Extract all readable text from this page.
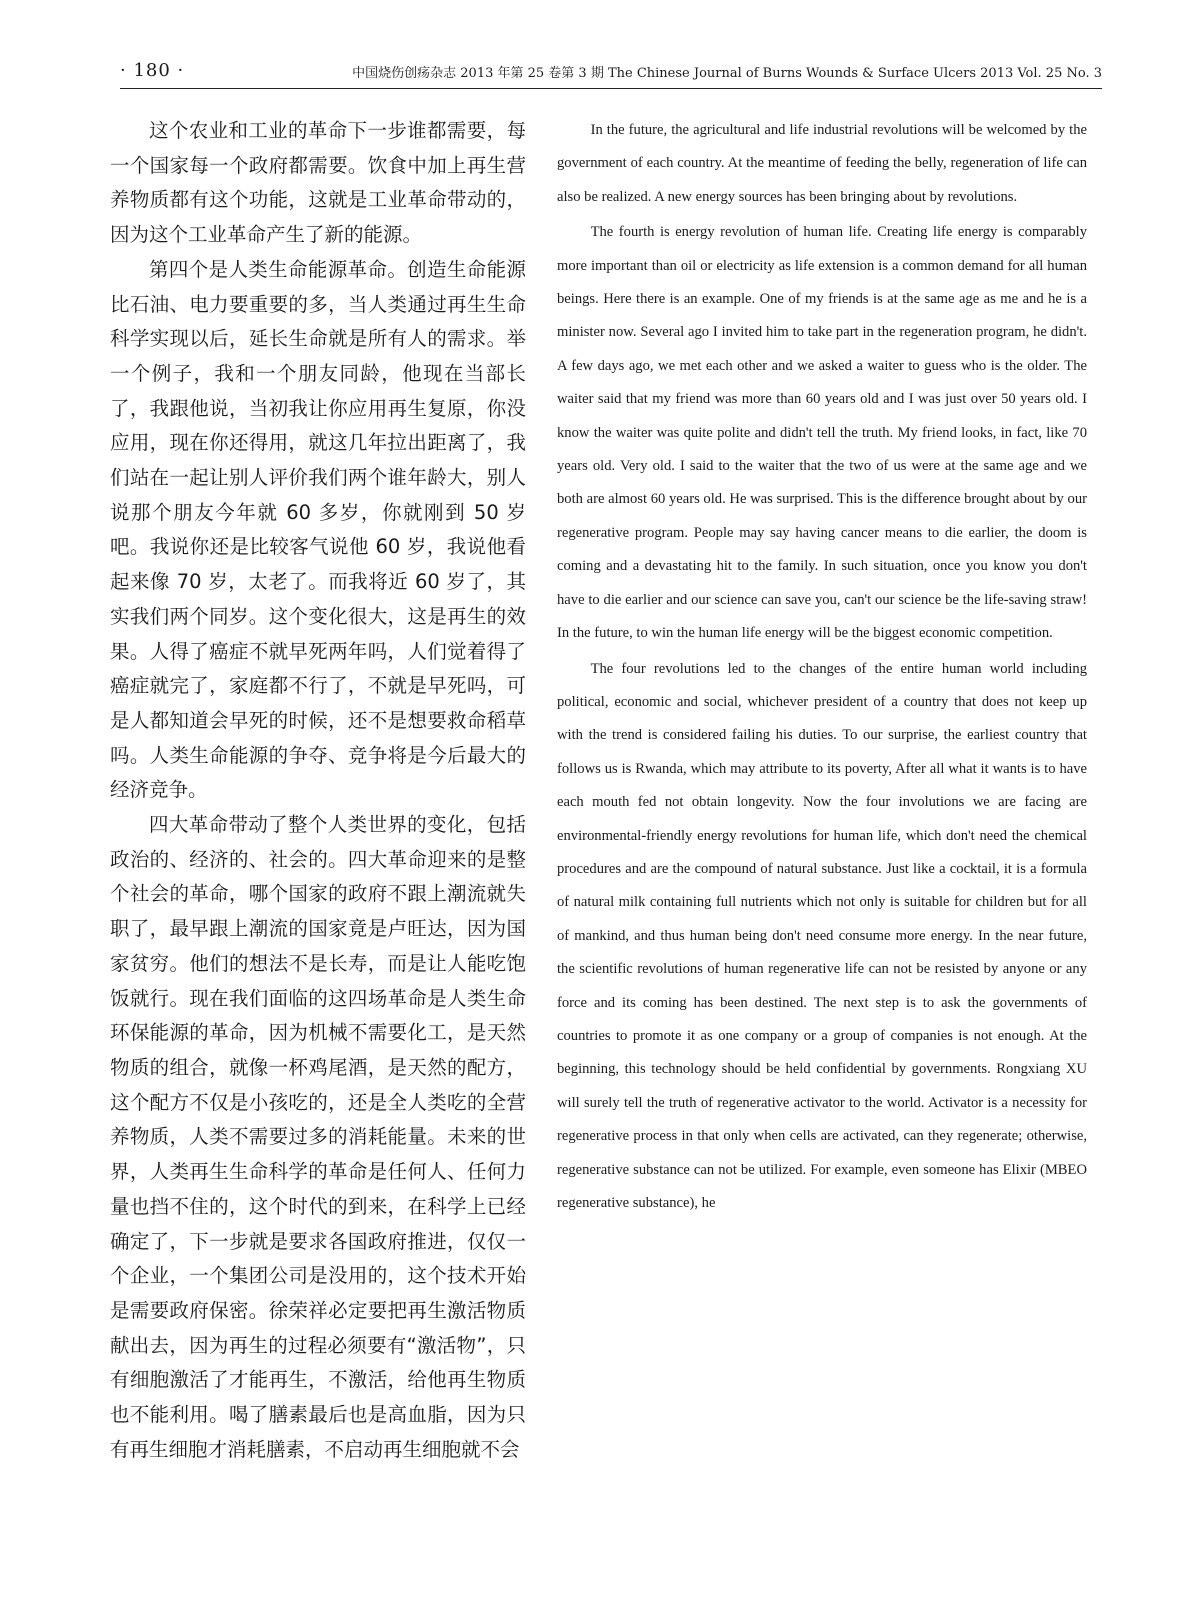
· 180 ·	中国烧伤创疡杂志 2013 年第 25 卷第 3 期 The Chinese Journal of Burns Wounds & Surface Ulcers 2013 Vol. 25 No. 3

这个农业和工业的革命下一步谁都需要，每一个国家每一个政府都需要。饮食中加上再生营养物质都有这个功能，这就是工业革命带动的，因为这个工业革命产生了新的能源。

第四个是人类生命能源革命。创造生命能源比石油、电力要重要的多，当人类通过再生生命科学实现以后，延长生命就是所有人的需求。举一个例子，我和一个朋友同龄，他现在当部长了，我跟他说，当初我让你应用再生复原，你没应用，现在你还得用，就这几年拉出距离了，我们站在一起让别人评价我们两个谁年龄大，别人说那个朋友今年就 60 多岁，你就刚到 50 岁吧。我说你还是比较客气说他 60 岁，我说他看起来像 70 岁，太老了。而我将近 60 岁了，其实我们两个同岁。这个变化很大，这是再生的效果。人得了癌症不就早死两年吗，人们觉着得了癌症就完了，家庭都不行了，不就是早死吗，可是人都知道会早死的时候，还不是想要救命稻草吗。人类生命能源的争夺、竞争将是今后最大的经济竞争。

四大革命带动了整个人类世界的变化，包括政治的、经济的、社会的。四大革命迎来的是整个社会的革命，哪个国家的政府不跟上潮流就失职了，最早跟上潮流的国家竟是卢旺达，因为国家贫穷。他们的想法不是长寿，而是让人能吃饱饭就行。现在我们面临的这四场革命是人类生命环保能源的革命，因为机械不需要化工，是天然物质的组合，就像一杯鸡尾酒，是天然的配方，这个配方不仅是小孩吃的，还是全人类吃的全营养物质，人类不需要过多的消耗能量。未来的世界，人类再生生命科学的革命是任何人、任何力量也挡不住的，这个时代的到来，在科学上已经确定了，下一步就是要求各国政府推进，仅仅一个企业，一个集团公司是没用的，这个技术开始是需要政府保密。徐荣祥必定要把再生激活物质献出去，因为再生的过程必须要有“激活物”，只有细胞激活了才能再生，不激活，给他再生物质也不能利用。喝了膳素最后也是高血脂，因为只有再生细胞才消耗膳素，不启动再生细胞就不会

In the future, the agricultural and life industrial revolutions will be welcomed by the government of each country. At the meantime of feeding the belly, regeneration of life can also be realized. A new energy sources has been bringing about by revolutions.

The fourth is energy revolution of human life. Creating life energy is comparably more important than oil or electricity as life extension is a common demand for all human beings. Here there is an example. One of my friends is at the same age as me and he is a minister now. Several ago I invited him to take part in the regeneration program, he didn't. A few days ago, we met each other and we asked a waiter to guess who is the older. The waiter said that my friend was more than 60 years old and I was just over 50 years old. I know the waiter was quite polite and didn't tell the truth. My friend looks, in fact, like 70 years old. Very old. I said to the waiter that the two of us were at the same age and we both are almost 60 years old. He was surprised. This is the difference brought about by our regenerative program. People may say having cancer means to die earlier, the doom is coming and a devastating hit to the family. In such situation, once you know you don't have to die earlier and our science can save you, can't our science be the life-saving straw! In the future, to win the human life energy will be the biggest economic competition.

The four revolutions led to the changes of the entire human world including political, economic and social, whichever president of a country that does not keep up with the trend is considered failing his duties. To our surprise, the earliest country that follows us is Rwanda, which may attribute to its poverty, After all what it wants is to have each mouth fed not obtain longevity. Now the four involutions we are facing are environmental-friendly energy revolutions for human life, which don't need the chemical procedures and are the compound of natural substance. Just like a cocktail, it is a formula of natural milk containing full nutrients which not only is suitable for children but for all of mankind, and thus human being don't need consume more energy. In the near future, the scientific revolutions of human regenerative life can not be resisted by anyone or any force and its coming has been destined. The next step is to ask the governments of countries to promote it as one company or a group of companies is not enough. At the beginning, this technology should be held confidential by governments. Rongxiang XU will surely tell the truth of regenerative activator to the world. Activator is a necessity for regenerative process in that only when cells are activated, can they regenerate; otherwise, regenerative substance can not be utilized. For example, even someone has Elixir (MBEO regenerative substance), he
